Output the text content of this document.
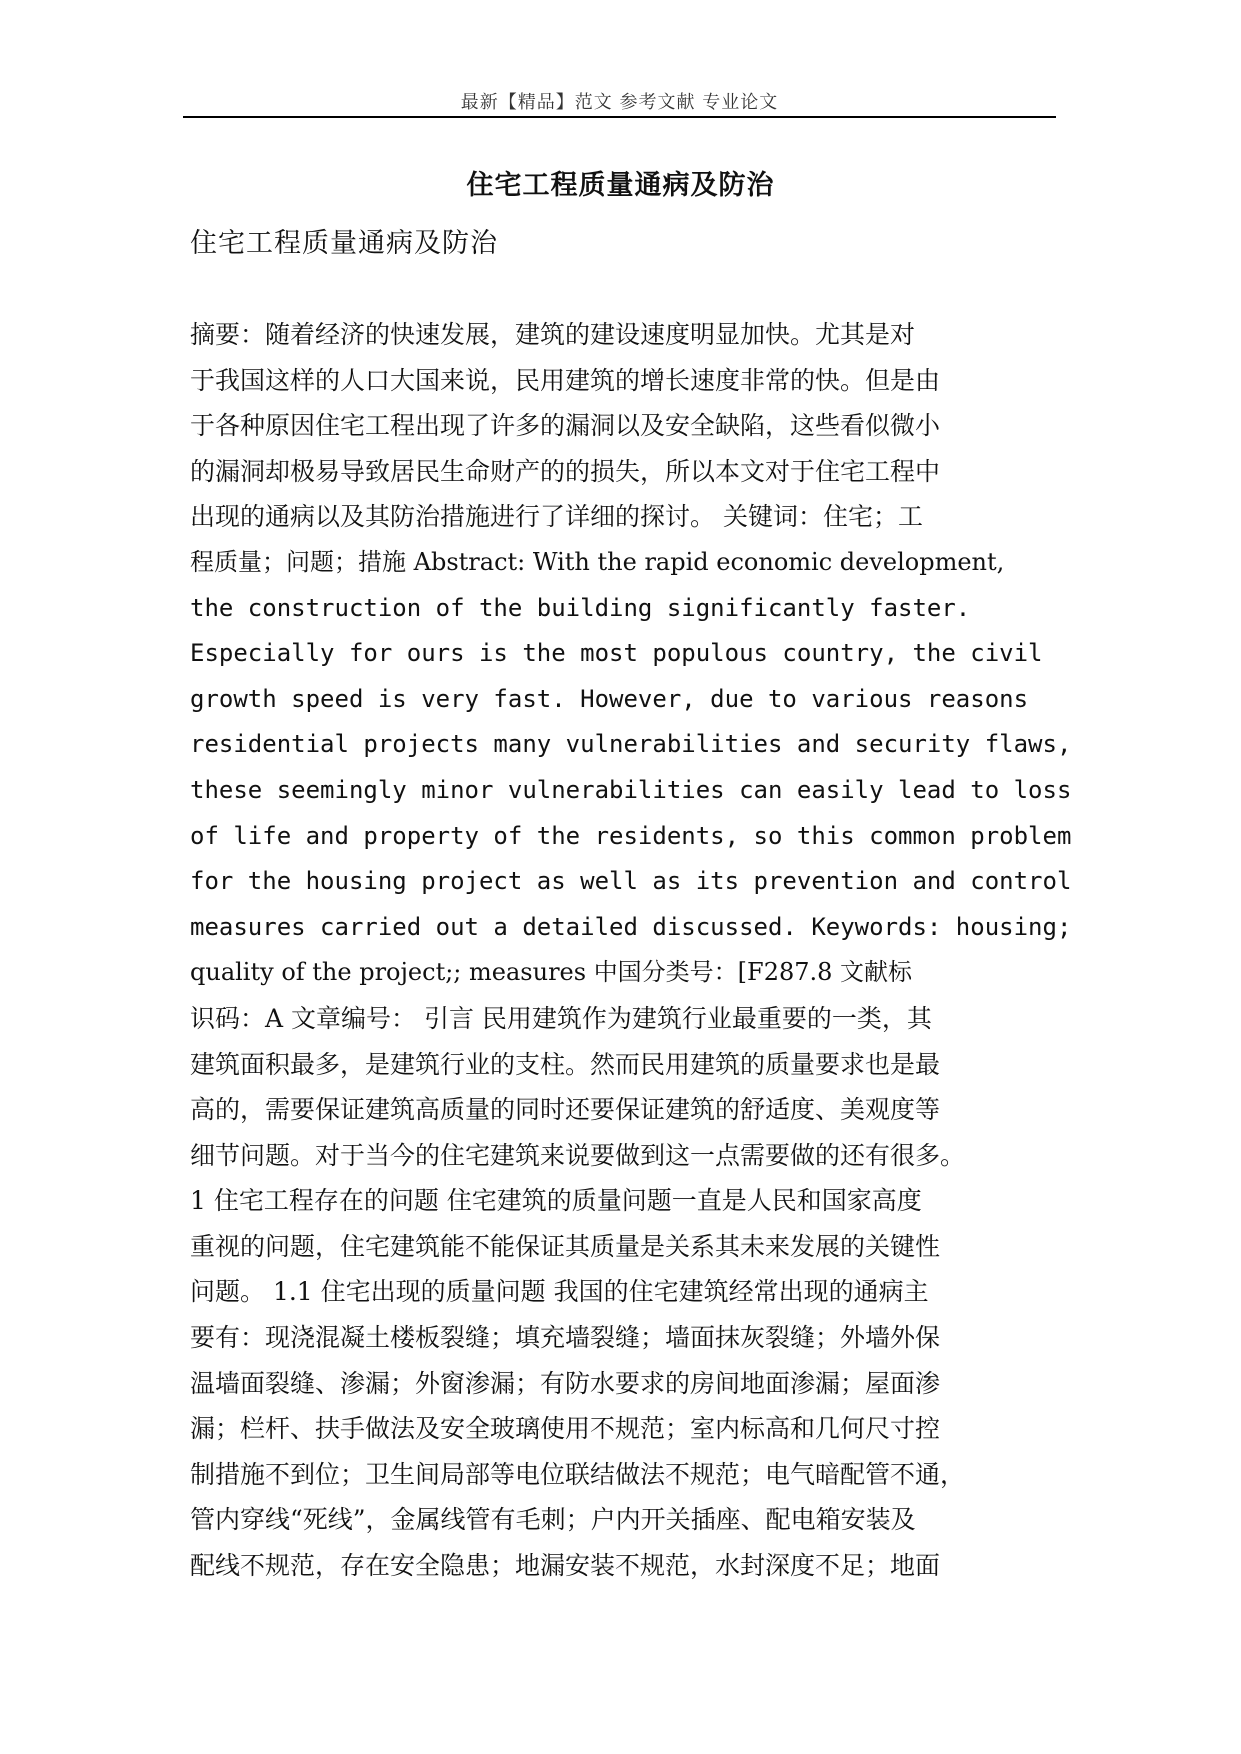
最新【精品】范文 参考文献 专业论文
住宅工程质量通病及防治
住宅工程质量通病及防治
摘要：随着经济的快速发展，建筑的建设速度明显加快。尤其是对
于我国这样的人口大国来说，民用建筑的增长速度非常的快。但是由
于各种原因住宅工程出现了许多的漏洞以及安全缺陷，这些看似微小
的漏洞却极易导致居民生命财产的的损失，所以本文对于住宅工程中
出现的通病以及其防治措施进行了详细的探讨。 关键词：住宅；工
程质量；问题；措施 Abstract: With the rapid economic development,
the construction of the building significantly faster.
Especially for ours is the most populous country, the civil
growth speed is very fast. However, due to various reasons
residential projects many vulnerabilities and security flaws,
these seemingly minor vulnerabilities can easily lead to loss
of life and property of the residents, so this common problem
for the housing project as well as its prevention and control
measures carried out a detailed discussed. Keywords: housing;
quality of the project;; measures 中国分类号：[F287.8 文献标
识码：A 文章编号： 引言 民用建筑作为建筑行业最重要的一类，其
建筑面积最多，是建筑行业的支柱。然而民用建筑的质量要求也是最
高的，需要保证建筑高质量的同时还要保证建筑的舒适度、美观度等
细节问题。对于当今的住宅建筑来说要做到这一点需要做的还有很多。
1 住宅工程存在的问题 住宅建筑的质量问题一直是人民和国家高度
重视的问题，住宅建筑能不能保证其质量是关系其未来发展的关键性
问题。 1.1 住宅出现的质量问题 我国的住宅建筑经常出现的通病主
要有：现浇混凝土楼板裂缝；填充墙裂缝；墙面抹灰裂缝；外墙外保
温墙面裂缝、渗漏；外窗渗漏；有防水要求的房间地面渗漏；屋面渗
漏；栏杆、扶手做法及安全玻璃使用不规范；室内标高和几何尺寸控
制措施不到位；卫生间局部等电位联结做法不规范；电气暗配管不通，
管内穿线“死线”，金属线管有毛刺；户内开关插座、配电箱安装及
配线不规范，存在安全隐患；地漏安装不规范，水封深度不足；地面
